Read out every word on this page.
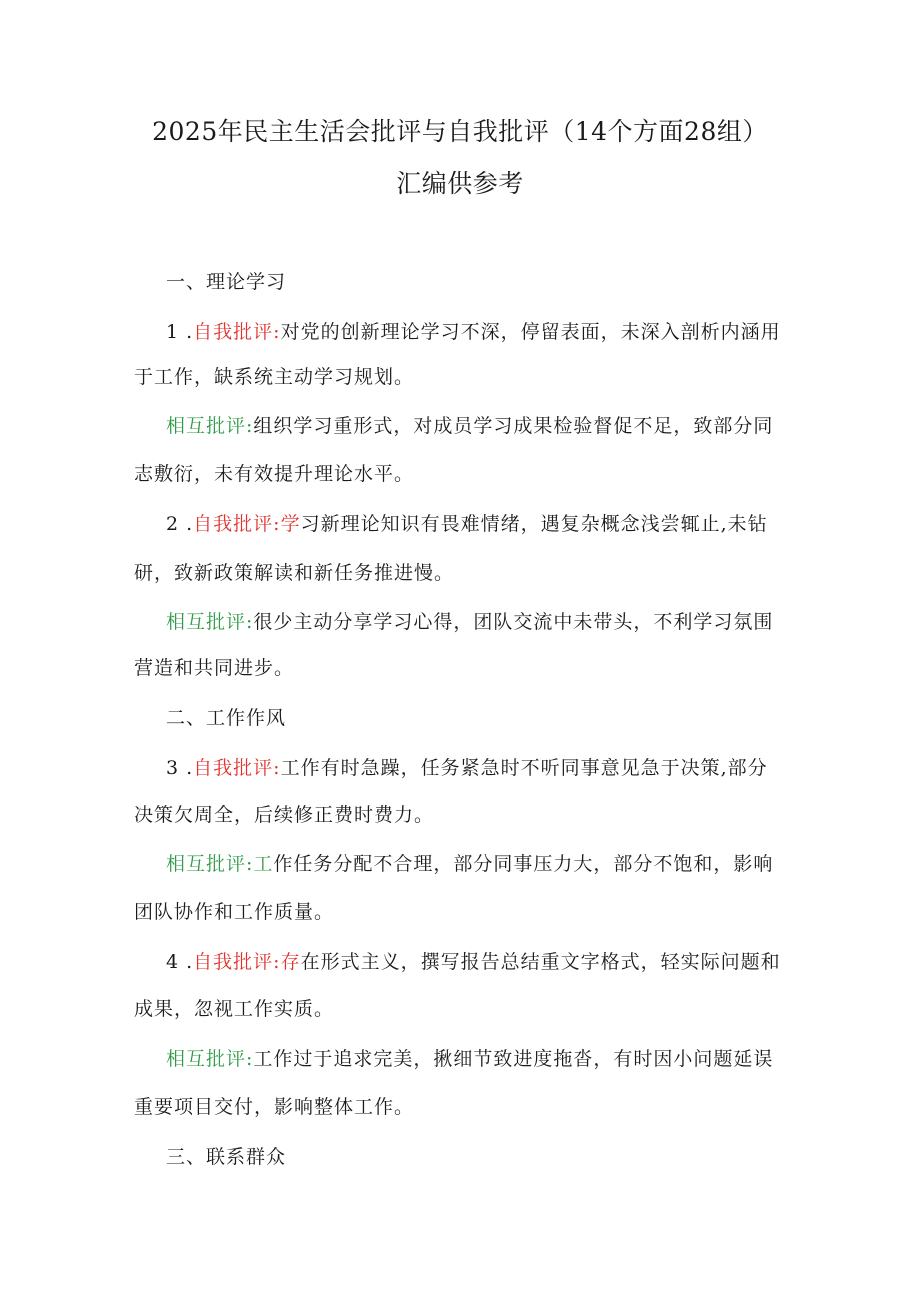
2025年民主生活会批评与自我批评（14个方面28组）
汇编供参考
一、理论学习
1 .自我批评:对党的创新理论学习不深，停留表面，未深入剖析内涵用
于工作，缺系统主动学习规划。
相互批评:组织学习重形式，对成员学习成果检验督促不足，致部分同
志敷衍，未有效提升理论水平。
2 .自我批评:学习新理论知识有畏难情绪，遇复杂概念浅尝辄止,未钻
研，致新政策解读和新任务推进慢。
相互批评:很少主动分享学习心得，团队交流中未带头，不利学习氛围
营造和共同进步。
二、工作作风
3 .自我批评:工作有时急躁，任务紧急时不听同事意见急于决策,部分
决策欠周全，后续修正费时费力。
相互批评:工作任务分配不合理，部分同事压力大，部分不饱和，影响
团队协作和工作质量。
4 .自我批评:存在形式主义，撰写报告总结重文字格式，轻实际问题和
成果，忽视工作实质。
相互批评:工作过于追求完美，揪细节致进度拖沓，有时因小问题延误
重要项目交付，影响整体工作。
三、联系群众
